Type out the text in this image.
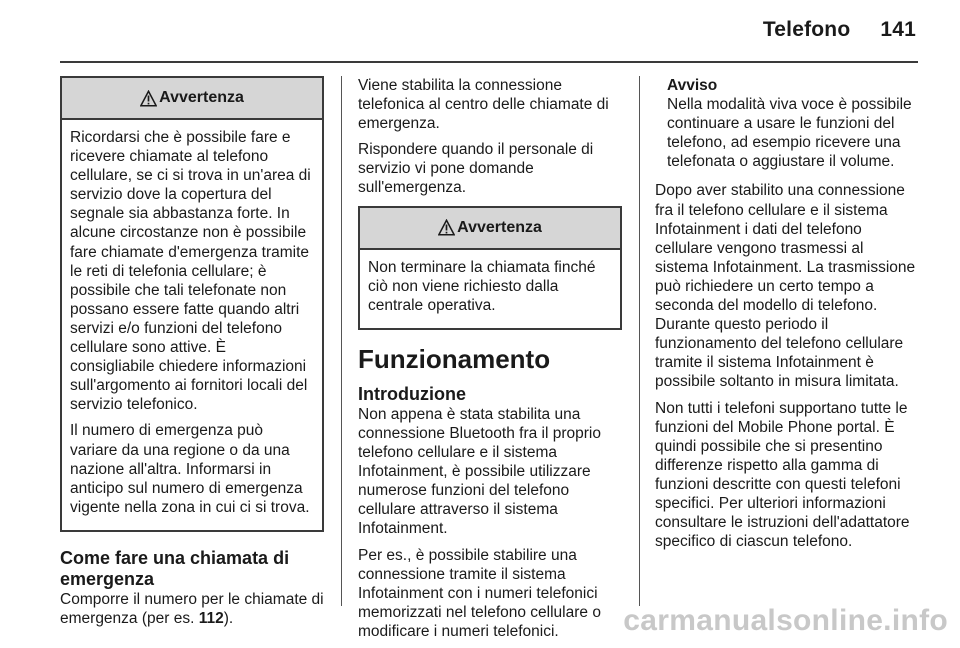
Telefono 141
Avvertenza

Ricordarsi che è possibile fare e ricevere chiamate al telefono cellulare, se ci si trova in un'area di servizio dove la copertura del segnale sia abbastanza forte. In alcune circostanze non è possibile fare chiamate d'emergenza tramite le reti di telefonia cellulare; è possibile che tali telefonate non possano essere fatte quando altri servizi e/o funzioni del telefono cellulare sono attive. È consigliabile chiedere informazioni sull'argomento ai fornitori locali del servizio telefonico.

Il numero di emergenza può variare da una regione o da una nazione all'altra. Informarsi in anticipo sul numero di emergenza vigente nella zona in cui ci si trova.

Come fare una chiamata di emergenza

Comporre il numero per le chiamate di emergenza (per es. 112).

Viene stabilita la connessione telefonica al centro delle chiamate di emergenza.

Rispondere quando il personale di servizio vi pone domande sull'emergenza.

Avvertenza

Non terminare la chiamata finché ciò non viene richiesto dalla centrale operativa.

Funzionamento
Introduzione

Non appena è stata stabilita una connessione Bluetooth fra il proprio telefono cellulare e il sistema Infotainment, è possibile utilizzare numerose funzioni del telefono cellulare attraverso il sistema Infotainment.

Per es., è possibile stabilire una connessione tramite il sistema Infotainment con i numeri telefonici memorizzati nel telefono cellulare o modificare i numeri telefonici.

Avviso
Nella modalità viva voce è possibile continuare a usare le funzioni del telefono, ad esempio ricevere una telefonata o aggiustare il volume.

Dopo aver stabilito una connessione fra il telefono cellulare e il sistema Infotainment i dati del telefono cellulare vengono trasmessi al sistema Infotainment. La trasmissione può richiedere un certo tempo a seconda del modello di telefono. Durante questo periodo il funzionamento del telefono cellulare tramite il sistema Infotainment è possibile soltanto in misura limitata.

Non tutti i telefoni supportano tutte le funzioni del Mobile Phone portal. È quindi possibile che si presentino differenze rispetto alla gamma di funzioni descritte con questi telefoni specifici. Per ulteriori informazioni consultare le istruzioni dell'adattatore specifico di ciascun telefono.

carmanualsonline.info
